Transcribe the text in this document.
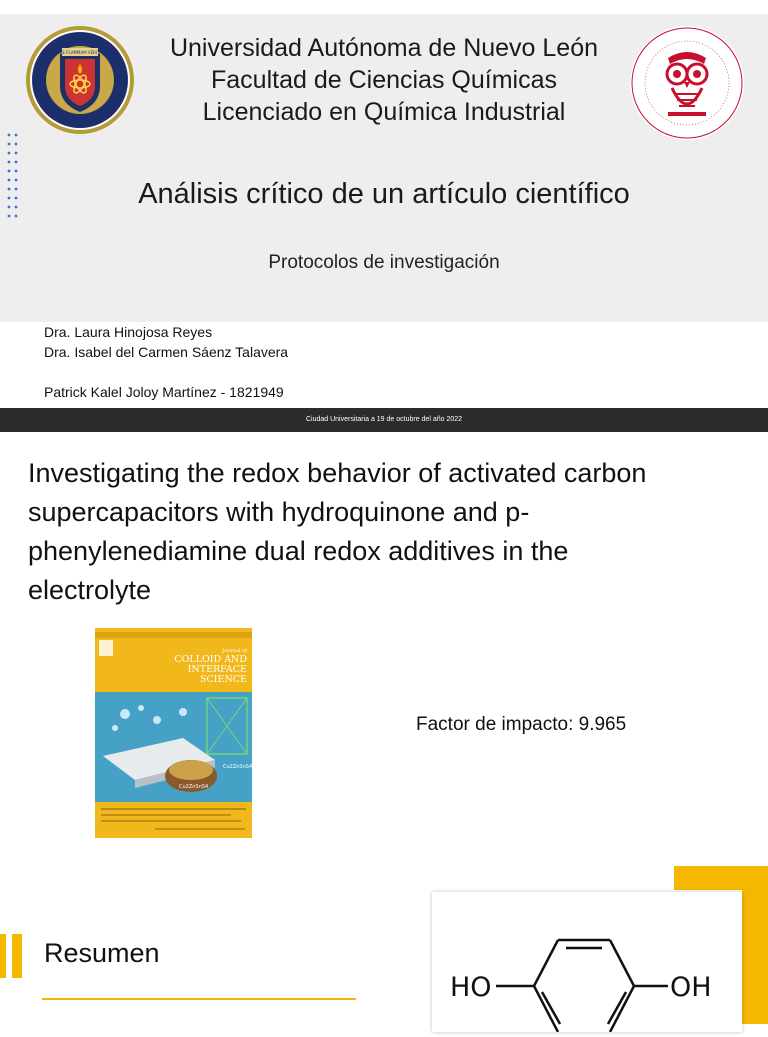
ALERE FLAMMAM VERITATIS	Universidad Autónoma de Nuevo León
Facultad de Ciencias Químicas
Licenciado en Química Industrial
Análisis crítico de un artículo científico
Protocolos de investigación
Dra. Laura Hinojosa Reyes
Dra. Isabel del Carmen Sáenz Talavera
Patrick Kalel Joloy Martínez - 1821949
Ciudad Universitaria a 19 de octubre del año 2022
Investigating the redox behavior of activated carbon
supercapacitors with hydroquinone and p-
phenylenediamine dual redox additives in the
electrolyte
Journal of
COLLOID AND
INTERFACE
SCIENCE
Cu2ZnSnS4
Cu2ZnSnS4
Factor de impacto: 9.965
Resumen
HO	OH
